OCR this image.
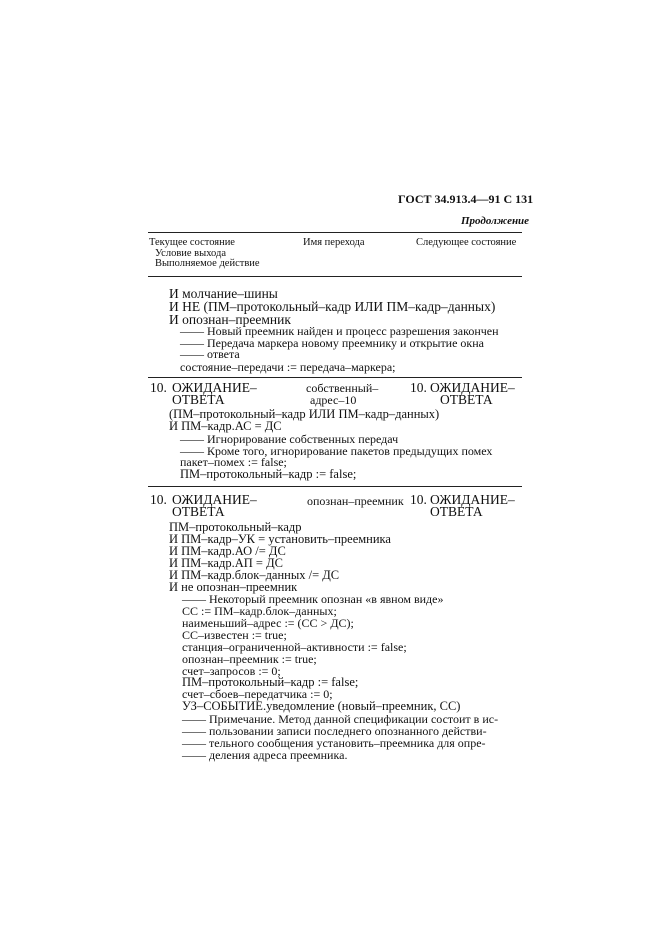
ГОСТ 34.913.4—91 С 131
Продолжение
Текущее состояние
Условие выхода
Выполняемое действие
Имя перехода	Следующее состояние
И молчание–шины
И НЕ (ПМ–протокольный–кадр ИЛИ ПМ–кадр–данных)
И опознан–преемник
—— Новый преемник найден и процесс разрешения закончен
—— Передача маркера новому преемнику и открытие окна
—— ответа
состояние–передачи := передача–маркера;
10. ОЖИДАНИЕ–
ОТВЕТА
собственный–
адрес–10
10. ОЖИДАНИЕ–
ОТВЕТА
(ПМ–протокольный–кадр ИЛИ ПМ–кадр–данных)
И ПМ–кадр.АС = ДС
—— Игнорирование собственных передач
—— Кроме того, игнорирование пакетов предыдущих помех
пакет–помех := false;
ПМ–протокольный–кадр := false;
10. ОЖИДАНИЕ–
ОТВЕТА
опознан–преемник 10. ОЖИДАНИЕ–
ОТВЕТА
ПМ–протокольный–кадр
И ПМ–кадр–УК = установить–преемника
И ПМ–кадр.АО /= ДС
И ПМ–кадр.АП = ДС
И ПМ–кадр.блок–данных /= ДС
И не опознан–преемник
—— Некоторый преемник опознан «в явном виде»
СС := ПМ–кадр.блок–данных;
наименьший–адрес := (СС > ДС);
СС–известен := true;
станция–ограниченной–активности := false;
опознан–преемник := true;
счет–запросов := 0;
ПМ–протокольный–кадр := false;
счет–сбоев–передатчика := 0;
УЗ–СОБЫТИЕ.уведомление (новый–преемник, СС)
—— Примечание. Метод данной спецификации состоит в ис-
—— пользовании записи последнего опознанного действи-
—— тельного сообщения установить–преемника для опре-
—— деления адреса преемника.
